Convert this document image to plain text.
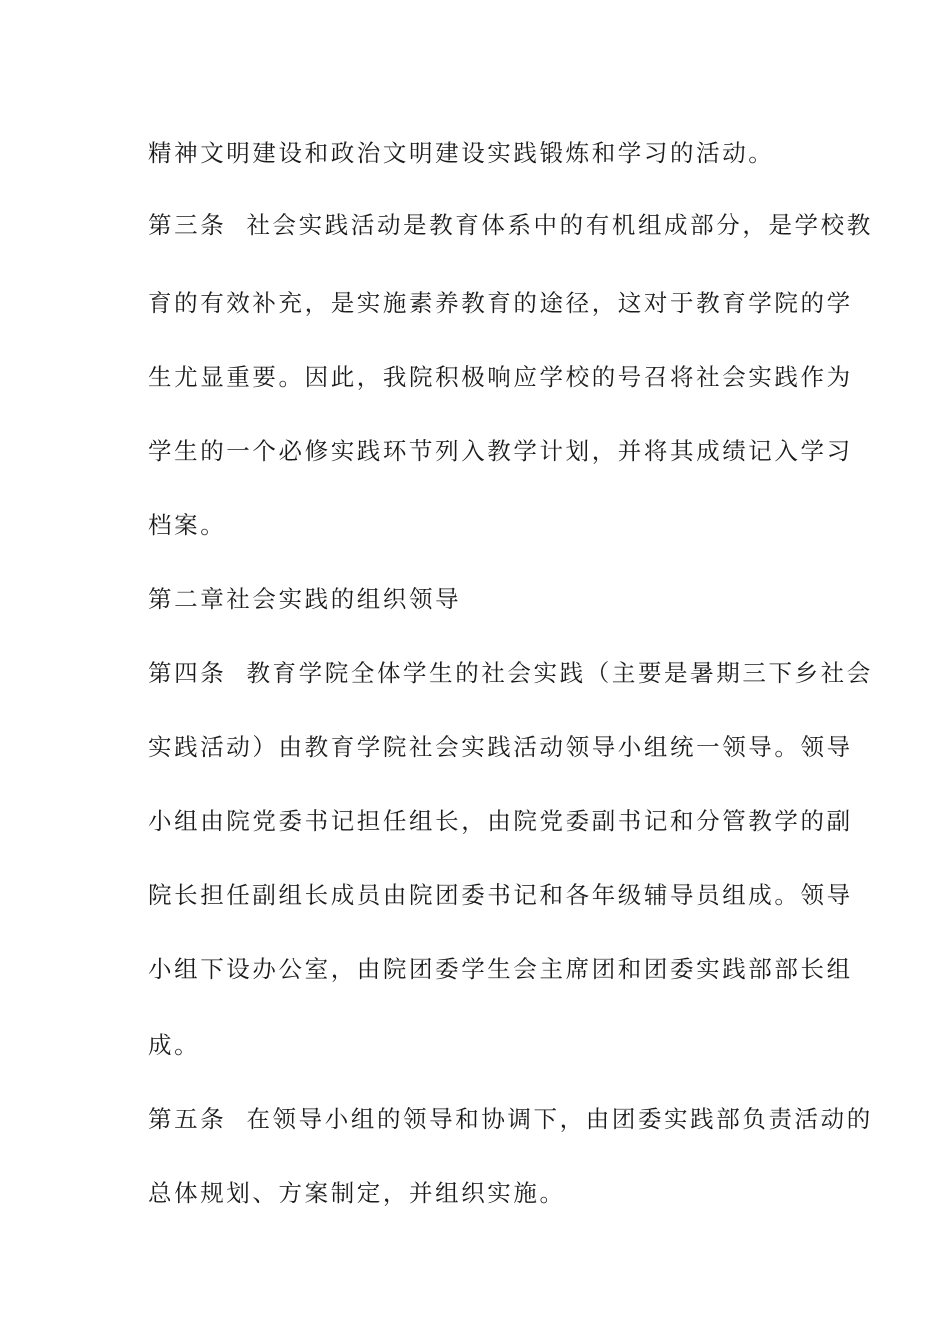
精神文明建设和政治文明建设实践锻炼和学习的活动。
第三条  社会实践活动是教育体系中的有机组成部分，是学校教
育的有效补充，是实施素养教育的途径，这对于教育学院的学
生尤显重要。因此，我院积极响应学校的号召将社会实践作为
学生的一个必修实践环节列入教学计划，并将其成绩记入学习
档案。
第二章社会实践的组织领导
第四条  教育学院全体学生的社会实践（主要是暑期三下乡社会
实践活动）由教育学院社会实践活动领导小组统一领导。领导
小组由院党委书记担任组长，由院党委副书记和分管教学的副
院长担任副组长成员由院团委书记和各年级辅导员组成。领导
小组下设办公室，由院团委学生会主席团和团委实践部部长组
成。
第五条  在领导小组的领导和协调下，由团委实践部负责活动的
总体规划、方案制定，并组织实施。
